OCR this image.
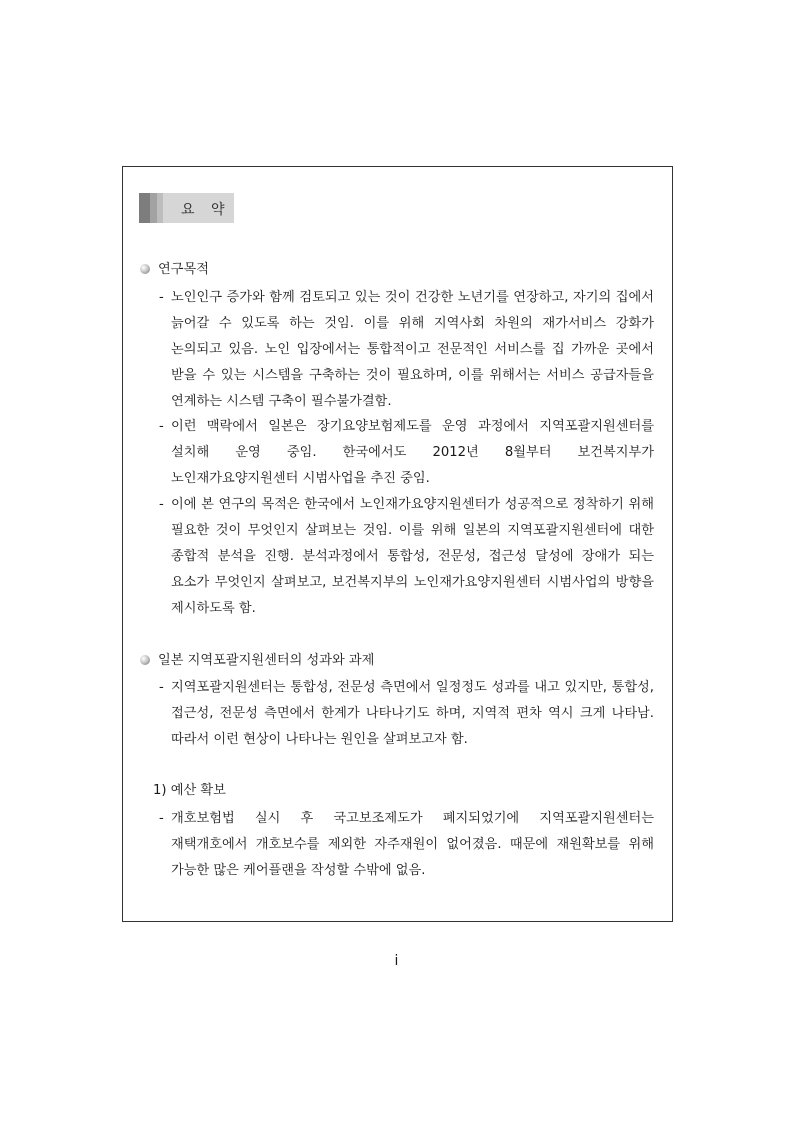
요 약
연구목적
- 노인인구 증가와 함께 검토되고 있는 것이 건강한 노년기를 연장하고, 자기의 집에서 늙어갈 수 있도록 하는 것임. 이를 위해 지역사회 차원의 재가서비스 강화가 논의되고 있음. 노인 입장에서는 통합적이고 전문적인 서비스를 집 가까운 곳에서 받을 수 있는 시스템을 구축하는 것이 필요하며, 이를 위해서는 서비스 공급자들을 연계하는 시스템 구축이 필수불가결함.
- 이런 맥락에서 일본은 장기요양보험제도를 운영 과정에서 지역포괄지원센터를 설치해 운영 중임. 한국에서도 2012년 8월부터 보건복지부가 노인재가요양지원센터 시범사업을 추진 중임.
- 이에 본 연구의 목적은 한국에서 노인재가요양지원센터가 성공적으로 정착하기 위해 필요한 것이 무엇인지 살펴보는 것임. 이를 위해 일본의 지역포괄지원센터에 대한 종합적 분석을 진행. 분석과정에서 통합성, 전문성, 접근성 달성에 장애가 되는 요소가 무엇인지 살펴보고, 보건복지부의 노인재가요양지원센터 시범사업의 방향을 제시하도록 함.
일본 지역포괄지원센터의 성과와 과제
- 지역포괄지원센터는 통합성, 전문성 측면에서 일정정도 성과를 내고 있지만, 통합성, 접근성, 전문성 측면에서 한계가 나타나기도 하며, 지역적 편차 역시 크게 나타남. 따라서 이런 현상이 나타나는 원인을 살펴보고자 함.
1) 예산 확보
- 개호보험법 실시 후 국고보조제도가 폐지되었기에 지역포괄지원센터는 재택개호에서 개호보수를 제외한 자주재원이 없어졌음. 때문에 재원확보를 위해 가능한 많은 케어플랜을 작성할 수밖에 없음.
i
